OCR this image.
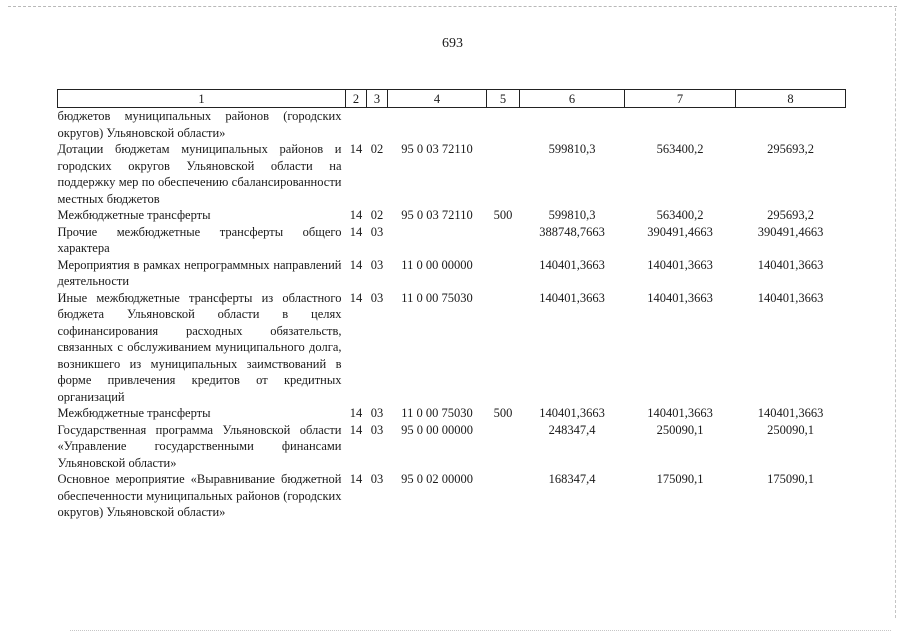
693
1	2	3	4	5	6	7	8
бюджетов муниципальных районов (городских округов) Ульяновской области»							
Дотации бюджетам муниципальных районов и городских округов Ульяновской области на поддержку мер по обеспечению сбалансированности местных бюджетов	14	02	95 0 03 72110		599810,3	563400,2	295693,2
Межбюджетные трансферты	14	02	95 0 03 72110	500	599810,3	563400,2	295693,2
Прочие межбюджетные трансферты общего характера	14	03			388748,7663	390491,4663	390491,4663
Мероприятия в рамках непрограммных направлений деятельности	14	03	11 0 00 00000		140401,3663	140401,3663	140401,3663
Иные межбюджетные трансферты из областного бюджета Ульяновской области в целях софинансирования расходных обязательств, связанных с обслуживанием муниципального долга, возникшего из муниципальных заимствований в форме привлечения кредитов от кредитных организаций	14	03	11 0 00 75030		140401,3663	140401,3663	140401,3663
Межбюджетные трансферты	14	03	11 0 00 75030	500	140401,3663	140401,3663	140401,3663
Государственная программа Ульяновской области «Управление государственными финансами Ульяновской области»	14	03	95 0 00 00000		248347,4	250090,1	250090,1
Основное мероприятие «Выравнивание бюджетной обеспеченности муниципальных районов (городских округов) Ульяновской области»	14	03	95 0 02 00000		168347,4	175090,1	175090,1
